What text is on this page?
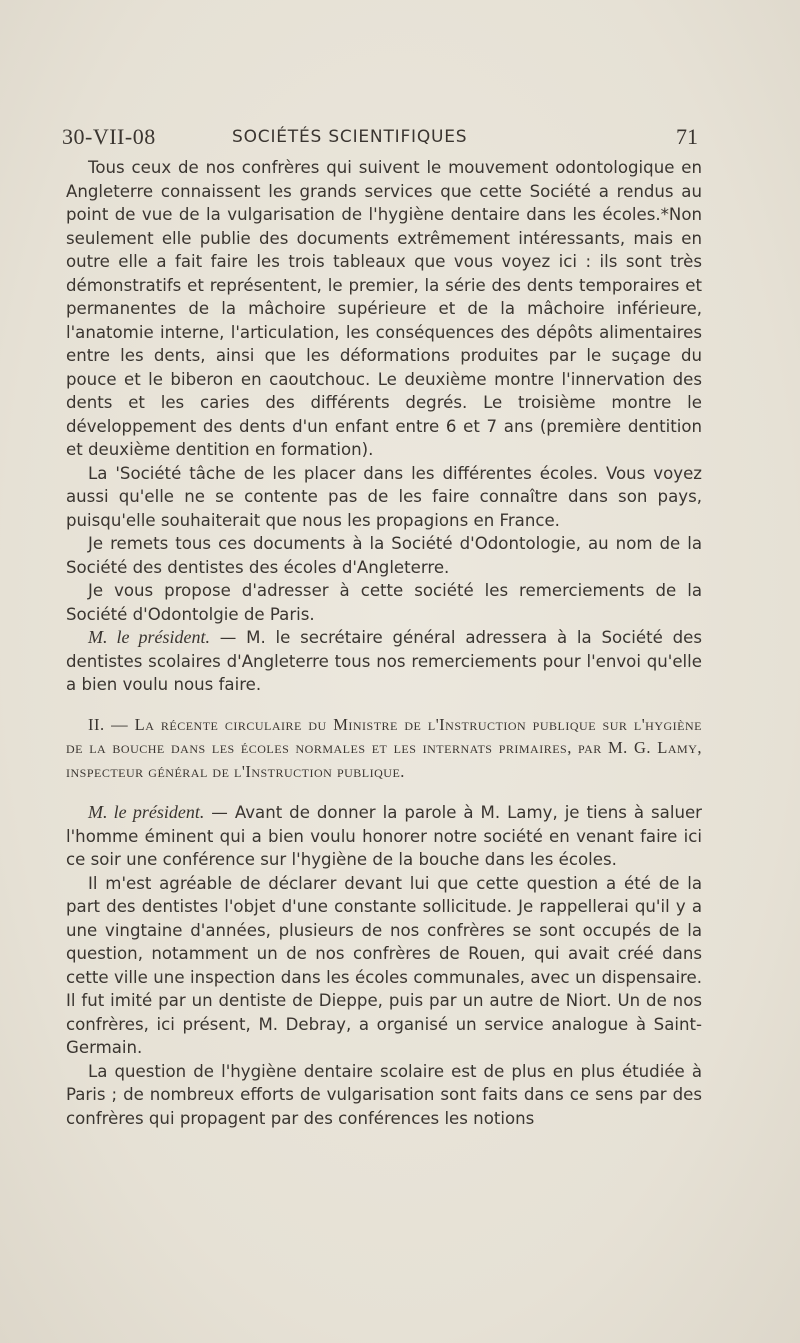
30-VII-08	SOCIÉTÉS SCIENTIFIQUES	71

Tous ceux de nos confrères qui suivent le mouvement odontologique en Angleterre connaissent les grands services que cette Société a rendus au point de vue de la vulgarisation de l'hygiène dentaire dans les écoles.*Non seulement elle publie des documents extrêmement intéressants, mais en outre elle a fait faire les trois tableaux que vous voyez ici : ils sont très démonstratifs et représentent, le premier, la série des dents temporaires et permanentes de la mâchoire supérieure et de la mâchoire inférieure, l'anatomie interne, l'articulation, les conséquences des dépôts alimentaires entre les dents, ainsi que les déformations produites par le suçage du pouce et le biberon en caoutchouc. Le deuxième montre l'innervation des dents et les caries des différents degrés. Le troisième montre le développement des dents d'un enfant entre 6 et 7 ans (première dentition et deuxième dentition en formation).

La 'Société tâche de les placer dans les différentes écoles. Vous voyez aussi qu'elle ne se contente pas de les faire connaître dans son pays, puisqu'elle souhaiterait que nous les propagions en France.

Je remets tous ces documents à la Société d'Odontologie, au nom de la Société des dentistes des écoles d'Angleterre.

Je vous propose d'adresser à cette société les remerciements de la Société d'Odontolgie de Paris.

M. le président. — M. le secrétaire général adressera à la Société des dentistes scolaires d'Angleterre tous nos remerciements pour l'envoi qu'elle a bien voulu nous faire.

II. — La récente circulaire du Ministre de l'Instruction publique sur l'hygiène de la bouche dans les écoles normales et les internats primaires, par M. G. Lamy, inspecteur général de l'Instruction publique.

M. le président. — Avant de donner la parole à M. Lamy, je tiens à saluer l'homme éminent qui a bien voulu honorer notre société en venant faire ici ce soir une conférence sur l'hygiène de la bouche dans les écoles.

Il m'est agréable de déclarer devant lui que cette question a été de la part des dentistes l'objet d'une constante sollicitude. Je rappellerai qu'il y a une vingtaine d'années, plusieurs de nos confrères se sont occupés de la question, notamment un de nos confrères de Rouen, qui avait créé dans cette ville une inspection dans les écoles communales, avec un dispensaire. Il fut imité par un dentiste de Dieppe, puis par un autre de Niort. Un de nos confrères, ici présent, M. Debray, a organisé un service analogue à Saint-Germain.

La question de l'hygiène dentaire scolaire est de plus en plus étudiée à Paris ; de nombreux efforts de vulgarisation sont faits dans ce sens par des confrères qui propagent par des conférences les notions
